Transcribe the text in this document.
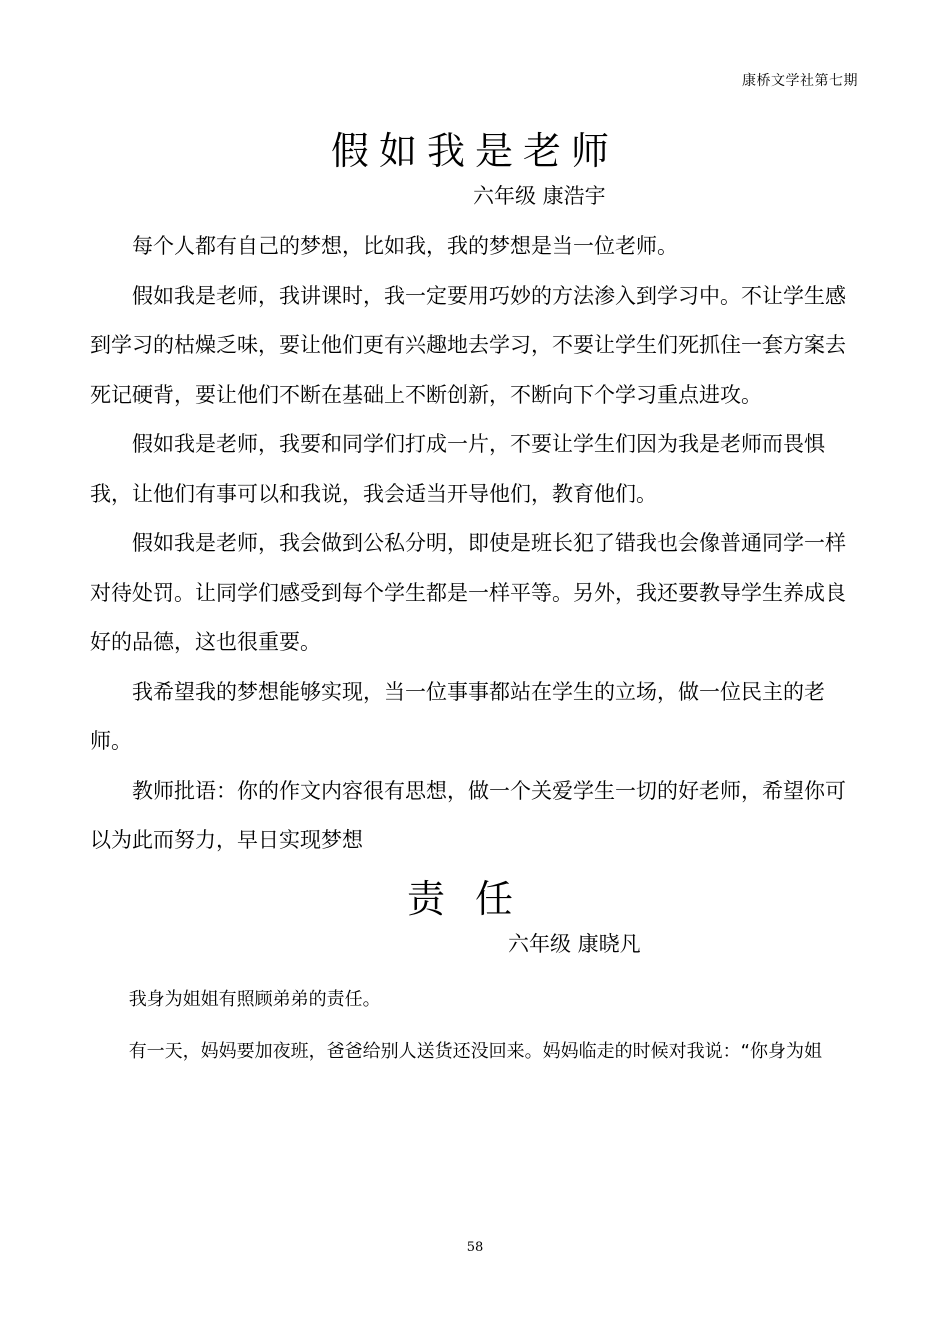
康桥文学社第七期
假如我是老师
六年级 康浩宇

每个人都有自己的梦想，比如我，我的梦想是当一位老师。

假如我是老师，我讲课时，我一定要用巧妙的方法渗入到学习中。不让学生感到学习的枯燥乏味，要让他们更有兴趣地去学习，不要让学生们死抓住一套方案去死记硬背，要让他们不断在基础上不断创新，不断向下个学习重点进攻。

假如我是老师，我要和同学们打成一片，不要让学生们因为我是老师而畏惧我，让他们有事可以和我说，我会适当开导他们，教育他们。

假如我是老师，我会做到公私分明，即使是班长犯了错我也会像普通同学一样对待处罚。让同学们感受到每个学生都是一样平等。另外，我还要教导学生养成良好的品德，这也很重要。

我希望我的梦想能够实现，当一位事事都站在学生的立场，做一位民主的老师。

教师批语：你的作文内容很有思想，做一个关爱学生一切的好老师，希望你可以为此而努力，早日实现梦想

责任
六年级 康晓凡

我身为姐姐有照顾弟弟的责任。

有一天，妈妈要加夜班，爸爸给别人送货还没回来。妈妈临走的时候对我说：“你身为姐

58
